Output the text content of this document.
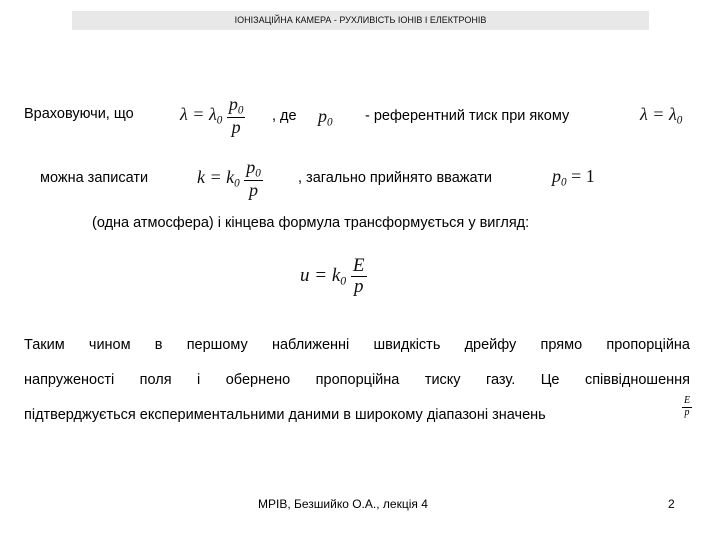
ІОНІЗАЦІЙНА КАМЕРА - РУХЛИВІСТЬ ІОНІВ І ЕЛЕКТРОНІВ
Враховуючи, що	$\lambda = \lambda_0 \frac{p_0}{p}$ , де $p_0$ - референтний тиск при якому	$\lambda = \lambda_0$
можна записати	$k = k_0 \frac{p_0}{p}$ , загально прийнято вважати	$p_0 = 1$
(одна атмосфера) і кінцева формула трансформується у вигляд:
$u = k_0 \frac{E}{p}$
Таким чином в першому наближенні швидкість дрейфу прямо пропорційна
напруженості поля і обернено пропорційна тиску газу. Це співвідношення
підтверджується експериментальними даними в широкому діапазоні значень	$\frac{E}{p}$
МРІВ, Безшийко О.А., лекція 4	2
